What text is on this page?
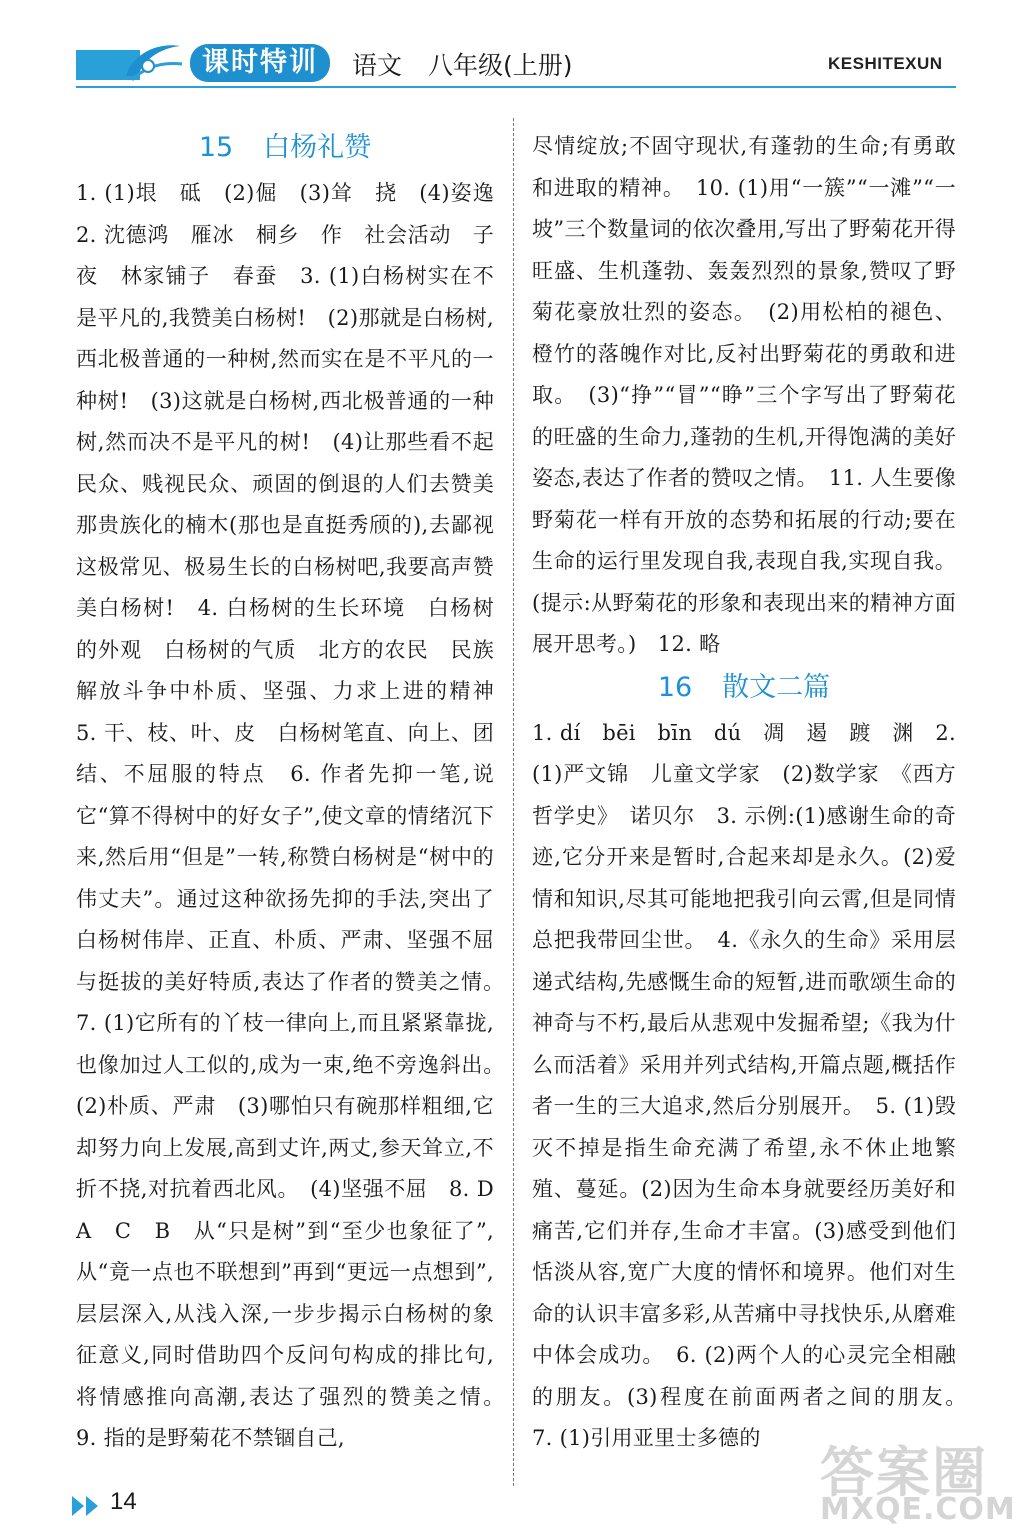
课时特训	语文 八年级(上册)	KESHITEXUN
15 白杨礼赞
1. (1)垠　砥　(2)倔　(3)耸　挠　(4)姿逸　2. 沈德鸿　雁冰　桐乡　作　社会活动　子夜　林家铺子　春蚕　3. (1)白杨树实在不是平凡的,我赞美白杨树!　(2)那就是白杨树,西北极普通的一种树,然而实在是不平凡的一种树!　(3)这就是白杨树,西北极普通的一种树,然而决不是平凡的树!　(4)让那些看不起民众、贱视民众、顽固的倒退的人们去赞美那贵族化的楠木(那也是直挺秀颀的),去鄙视这极常见、极易生长的白杨树吧,我要高声赞美白杨树!　4. 白杨树的生长环境　白杨树的外观　白杨树的气质　北方的农民　民族解放斗争中朴质、坚强、力求上进的精神　5. 干、枝、叶、皮　白杨树笔直、向上、团结、不屈服的特点　6. 作者先抑一笔,说它“算不得树中的好女子”,使文章的情绪沉下来,然后用“但是”一转,称赞白杨树是“树中的伟丈夫”。通过这种欲扬先抑的手法,突出了白杨树伟岸、正直、朴质、严肃、坚强不屈与挺拔的美好特质,表达了作者的赞美之情。　7. (1)它所有的丫枝一律向上,而且紧紧靠拢,也像加过人工似的,成为一束,绝不旁逸斜出。　(2)朴质、严肃　(3)哪怕只有碗那样粗细,它却努力向上发展,高到丈许,两丈,参天耸立,不折不挠,对抗着西北风。　(4)坚强不屈　8. D　A　C　B　从“只是树”到“至少也象征了”,从“竟一点也不联想到”再到“更远一点想到”,层层深入,从浅入深,一步步揭示白杨树的象征意义,同时借助四个反问句构成的排比句,将情感推向高潮,表达了强烈的赞美之情。　9. 指的是野菊花不禁锢自己,
尽情绽放;不固守现状,有蓬勃的生命;有勇敢和进取的精神。　10. (1)用“一簇”“一滩”“一坡”三个数量词的依次叠用,写出了野菊花开得旺盛、生机蓬勃、轰轰烈烈的景象,赞叹了野菊花豪放壮烈的姿态。　(2)用松柏的褪色、橙竹的落魄作对比,反衬出野菊花的勇敢和进取。　(3)“挣”“冒”“睁”三个字写出了野菊花的旺盛的生命力,蓬勃的生机,开得饱满的美好姿态,表达了作者的赞叹之情。　11. 人生要像野菊花一样有开放的态势和拓展的行动;要在生命的运行里发现自我,表现自我,实现自我。(提示:从野菊花的形象和表现出来的精神方面展开思考。)　12. 略
16 散文二篇
1. dí　bēi　bīn　dú　凋　遏　踱　渊　2. (1)严文锦　儿童文学家　(2)数学家　《西方哲学史》　诺贝尔　3. 示例:(1)感谢生命的奇迹,它分开来是暂时,合起来却是永久。(2)爱情和知识,尽其可能地把我引向云霄,但是同情总把我带回尘世。　4.《永久的生命》采用层递式结构,先感慨生命的短暂,进而歌颂生命的神奇与不朽,最后从悲观中发掘希望;《我为什么而活着》采用并列式结构,开篇点题,概括作者一生的三大追求,然后分别展开。　5. (1)毁灭不掉是指生命充满了希望,永不休止地繁殖、蔓延。(2)因为生命本身就要经历美好和痛苦,它们并存,生命才丰富。(3)感受到他们恬淡从容,宽广大度的情怀和境界。他们对生命的认识丰富多彩,从苦痛中寻找快乐,从磨难中体会成功。　6. (2)两个人的心灵完全相融的朋友。(3)程度在前面两者之间的朋友。　7. (1)引用亚里士多德的
14	答案圈
MXQE.COM
